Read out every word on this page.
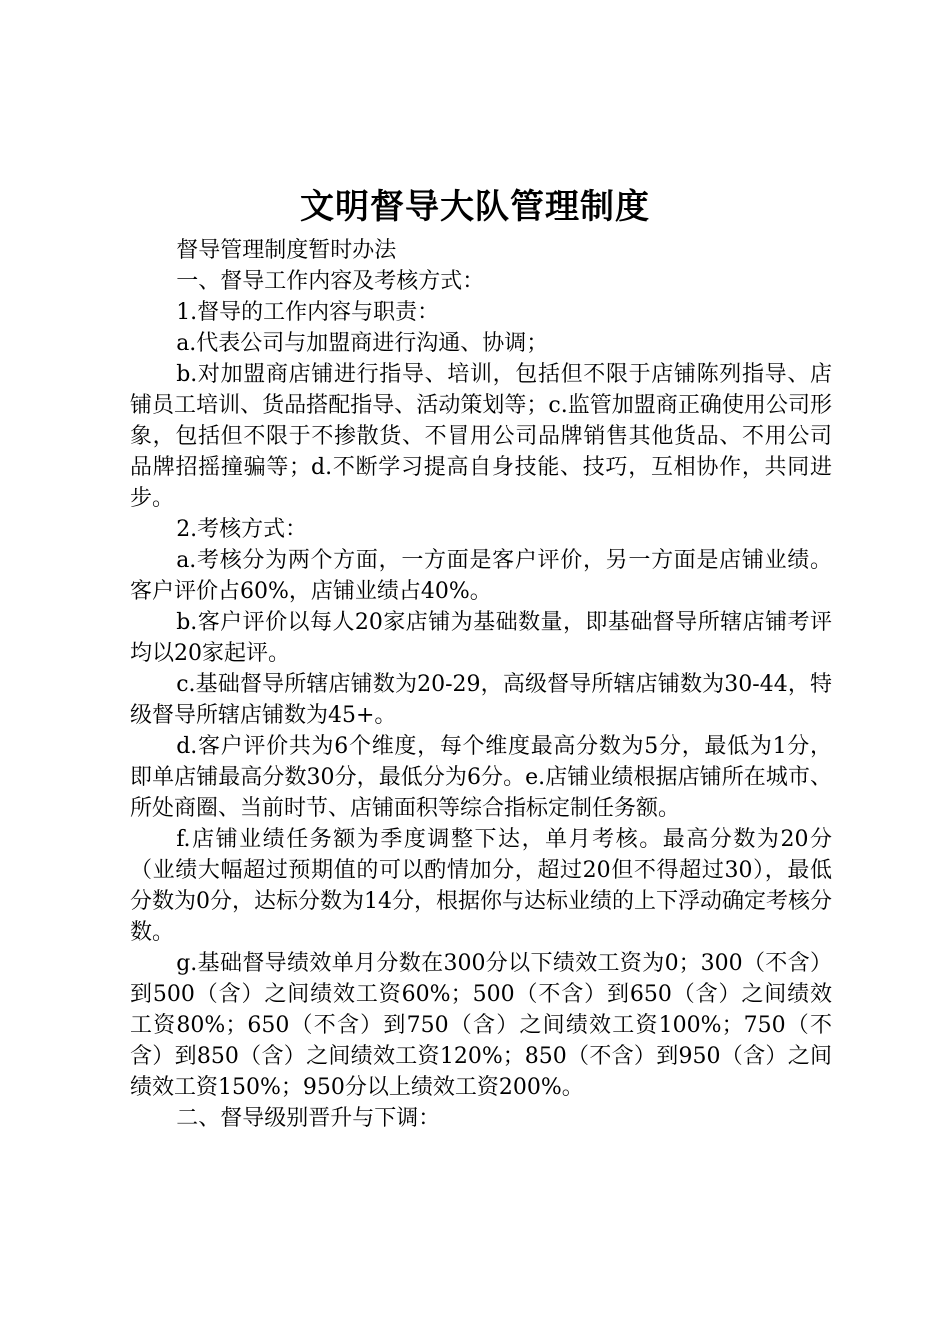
文明督导大队管理制度

督导管理制度暂时办法

一、督导工作内容及考核方式：

1.督导的工作内容与职责：

a.代表公司与加盟商进行沟通、协调；

b.对加盟商店铺进行指导、培训，包括但不限于店铺陈列指导、店铺员工培训、货品搭配指导、活动策划等；c.监管加盟商正确使用公司形象，包括但不限于不掺散货、不冒用公司品牌销售其他货品、不用公司品牌招摇撞骗等；d.不断学习提高自身技能、技巧，互相协作，共同进步。

2.考核方式：

a.考核分为两个方面，一方面是客户评价，另一方面是店铺业绩。客户评价占60%，店铺业绩占40%。

b.客户评价以每人20家店铺为基础数量，即基础督导所辖店铺考评均以20家起评。

c.基础督导所辖店铺数为20-29，高级督导所辖店铺数为30-44，特级督导所辖店铺数为45+。

d.客户评价共为6个维度，每个维度最高分数为5分，最低为1分，即单店铺最高分数30分，最低分为6分。e.店铺业绩根据店铺所在城市、所处商圈、当前时节、店铺面积等综合指标定制任务额。

f.店铺业绩任务额为季度调整下达，单月考核。最高分数为20分（业绩大幅超过预期值的可以酌情加分，超过20但不得超过30），最低分数为0分，达标分数为14分，根据你与达标业绩的上下浮动确定考核分数。

g.基础督导绩效单月分数在300分以下绩效工资为0；300（不含）到500（含）之间绩效工资60%；500（不含）到650（含）之间绩效工资80%；650（不含）到750（含）之间绩效工资100%；750（不含）到850（含）之间绩效工资120%；850（不含）到950（含）之间绩效工资150%；950分以上绩效工资200%。

二、督导级别晋升与下调：
